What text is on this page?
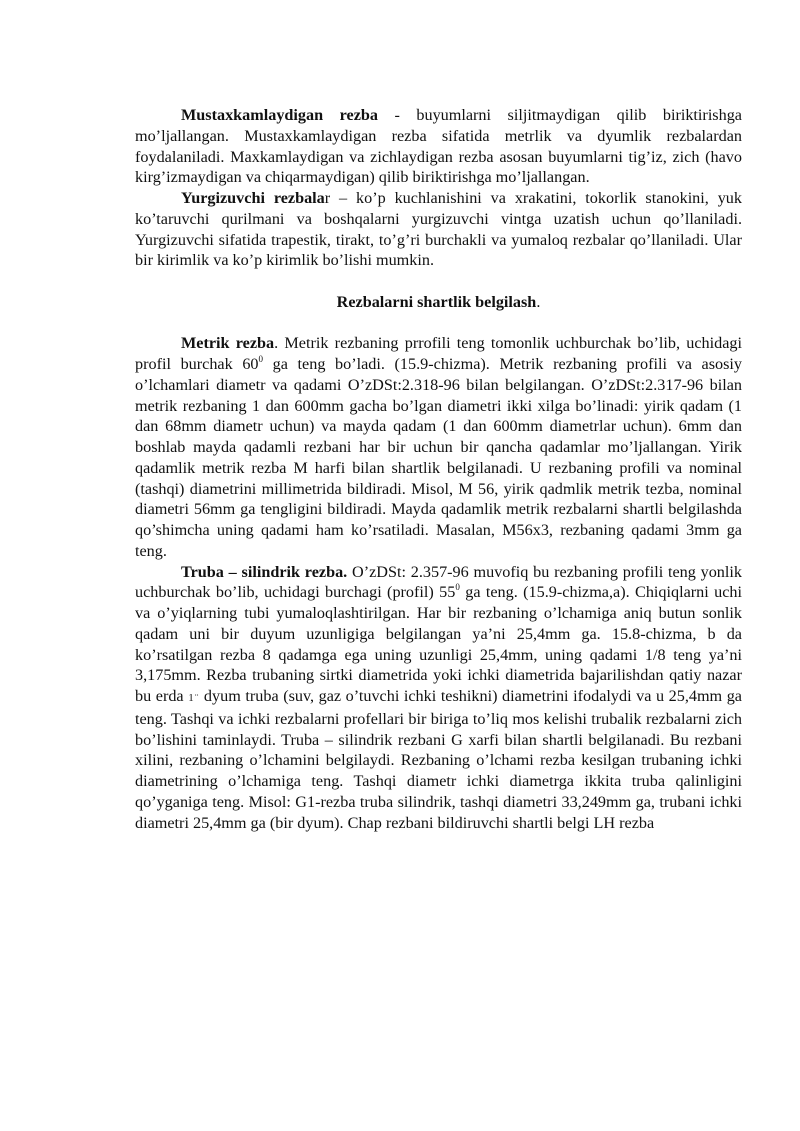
Mustaxkamlaydigan rezba - buyumlarni siljitmaydigan qilib biriktirishga mo’ljallangan. Mustaxkamlaydigan rezba sifatida metrlik va dyumlik rezbalardan foydalaniladi. Maxkamlaydigan va zichlaydigan rezba asosan buyumlarni tig’iz, zich (havo kirg’izmaydigan va chiqarmaydigan) qilib biriktirishga mo’ljallangan.

Yurgizuvchi rezbalar – ko’p kuchlanishini va xrakatini, tokorlik stanokini, yuk ko’taruvchi qurilmani va boshqalarni yurgizuvchi vintga uzatish uchun qo’llaniladi. Yurgizuvchi sifatida trapestik, tirakt, to’g’ri burchakli va yumaloq rezbalar qo’llaniladi. Ular bir kirimlik va ko’p kirimlik bo’lishi mumkin.

Rezbalarni shartlik belgilash.

Metrik rezba. Metrik rezbaning prrofili teng tomonlik uchburchak bo’lib, uchidagi profil burchak $60^0$ ga teng bo’ladi. (15.9-chizma). Metrik rezbaning profili va asosiy o’lchamlari diametr va qadami O’zDSt:2.318-96 bilan belgilangan. O’zDSt:2.317-96 bilan metrik rezbaning 1 dan 600mm gacha bo’lgan diametri ikki xilga bo’linadi: yirik qadam (1 dan 68mm diametr uchun) va mayda qadam (1 dan 600mm diametrlar uchun). 6mm dan boshlab mayda qadamli rezbani har bir uchun bir qancha qadamlar mo’ljallangan. Yirik qadamlik metrik rezba M harfi bilan shartlik belgilanadi. U rezbaning profili va nominal (tashqi) diametrini millimetrida bildiradi. Misol, M 56, yirik qadmlik metrik tezba, nominal diametri 56mm ga tengligini bildiradi. Mayda qadamlik metrik rezbalarni shartli belgilashda qo’shimcha uning qadami ham ko’rsatiladi. Masalan, M56x3, rezbaning qadami 3mm ga teng.

Truba – silindrik rezba. O’zDSt: 2.357-96 muvofiq bu rezbaning profili teng yonlik uchburchak bo’lib, uchidagi burchagi (profil) $55^0$ ga teng. (15.9-chizma,a). Chiqiqlarni uchi va o’yiqlarning tubi yumaloqlashtirilgan. Har bir rezbaning o’lchamiga aniq butun sonlik qadam uni bir duyum uzunligiga belgilangan ya’ni 25,4mm ga. 15.8-chizma, b da ko’rsatilgan rezba 8 qadamga ega uning uzunligi 25,4mm, uning qadami 1/8 teng ya’ni 3,175mm. Rezba trubaning sirtki diametrida yoki ichki diametrida bajarilishdan qatiy nazar bu erda 1¨ dyum truba (suv, gaz o’tuvchi ichki teshikni) diametrini ifodalydi va u 25,4mm ga teng. Tashqi va ichki rezbalarni profellari bir biriga to’liq mos kelishi trubalik rezbalarni zich bo’lishini taminlaydi. Truba – silindrik rezbani G xarfi bilan shartli belgilanadi. Bu rezbani xilini, rezbaning o’lchamini belgilaydi. Rezbaning o’lchami rezba kesilgan trubaning ichki diametrining o’lchamiga teng. Tashqi diametr ichki diametrga ikkita truba qalinligini qo’yganiga teng. Misol: G1-rezba truba silindrik, tashqi diametri 33,249mm ga, trubani ichki diametri 25,4mm ga (bir dyum). Chap rezbani bildiruvchi shartli belgi LH rezba
